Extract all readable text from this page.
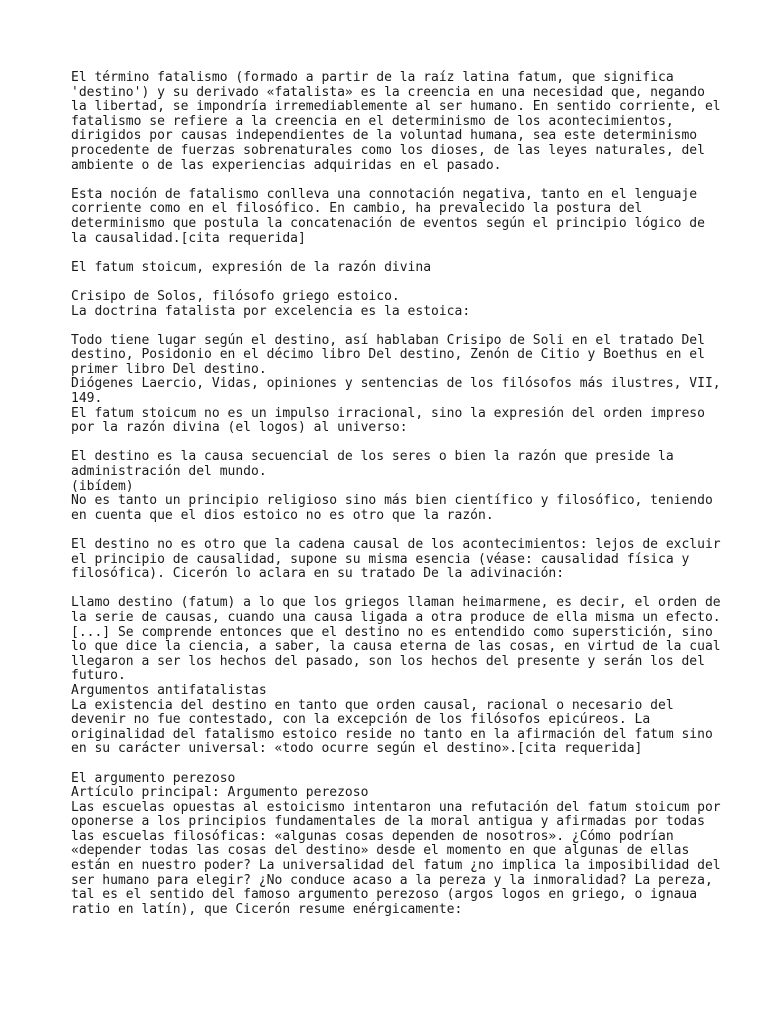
El término fatalismo (formado a partir de la raíz latina fatum, que significa
'destino') y su derivado «fatalista» es la creencia en una necesidad que, negando
la libertad, se impondría irremediablemente al ser humano. En sentido corriente, el
fatalismo se refiere a la creencia en el determinismo de los acontecimientos,
dirigidos por causas independientes de la voluntad humana, sea este determinismo
procedente de fuerzas sobrenaturales como los dioses, de las leyes naturales, del
ambiente o de las experiencias adquiridas en el pasado.
Esta noción de fatalismo conlleva una connotación negativa, tanto en el lenguaje
corriente como en el filosófico. En cambio, ha prevalecido la postura del
determinismo que postula la concatenación de eventos según el principio lógico de
la causalidad.[cita requerida]
El fatum stoicum, expresión de la razón divina
Crisipo de Solos, filósofo griego estoico.
La doctrina fatalista por excelencia es la estoica:
Todo tiene lugar según el destino, así hablaban Crisipo de Soli en el tratado Del
destino, Posidonio en el décimo libro Del destino, Zenón de Citio y Boethus en el
primer libro Del destino.
Diógenes Laercio, Vidas, opiniones y sentencias de los filósofos más ilustres, VII,
149.
El fatum stoicum no es un impulso irracional, sino la expresión del orden impreso
por la razón divina (el logos) al universo:
El destino es la causa secuencial de los seres o bien la razón que preside la
administración del mundo.
(ibídem)
No es tanto un principio religioso sino más bien científico y filosófico, teniendo
en cuenta que el dios estoico no es otro que la razón.
El destino no es otro que la cadena causal de los acontecimientos: lejos de excluir
el principio de causalidad, supone su misma esencia (véase: causalidad física y
filosófica). Cicerón lo aclara en su tratado De la adivinación:
Llamo destino (fatum) a lo que los griegos llaman heimarmene, es decir, el orden de
la serie de causas, cuando una causa ligada a otra produce de ella misma un efecto.
[...] Se comprende entonces que el destino no es entendido como superstición, sino
lo que dice la ciencia, a saber, la causa eterna de las cosas, en virtud de la cual
llegaron a ser los hechos del pasado, son los hechos del presente y serán los del
futuro.
Argumentos antifatalistas
La existencia del destino en tanto que orden causal, racional o necesario del
devenir no fue contestado, con la excepción de los filósofos epicúreos. La
originalidad del fatalismo estoico reside no tanto en la afirmación del fatum sino
en su carácter universal: «todo ocurre según el destino».[cita requerida]
El argumento perezoso
Artículo principal: Argumento perezoso
Las escuelas opuestas al estoicismo intentaron una refutación del fatum stoicum por
oponerse a los principios fundamentales de la moral antigua y afirmadas por todas
las escuelas filosóficas: «algunas cosas dependen de nosotros». ¿Cómo podrían
«depender todas las cosas del destino» desde el momento en que algunas de ellas
están en nuestro poder? La universalidad del fatum ¿no implica la imposibilidad del
ser humano para elegir? ¿No conduce acaso a la pereza y la inmoralidad? La pereza,
tal es el sentido del famoso argumento perezoso (argos logos en griego, o ignaua
ratio en latín), que Cicerón resume enérgicamente:
